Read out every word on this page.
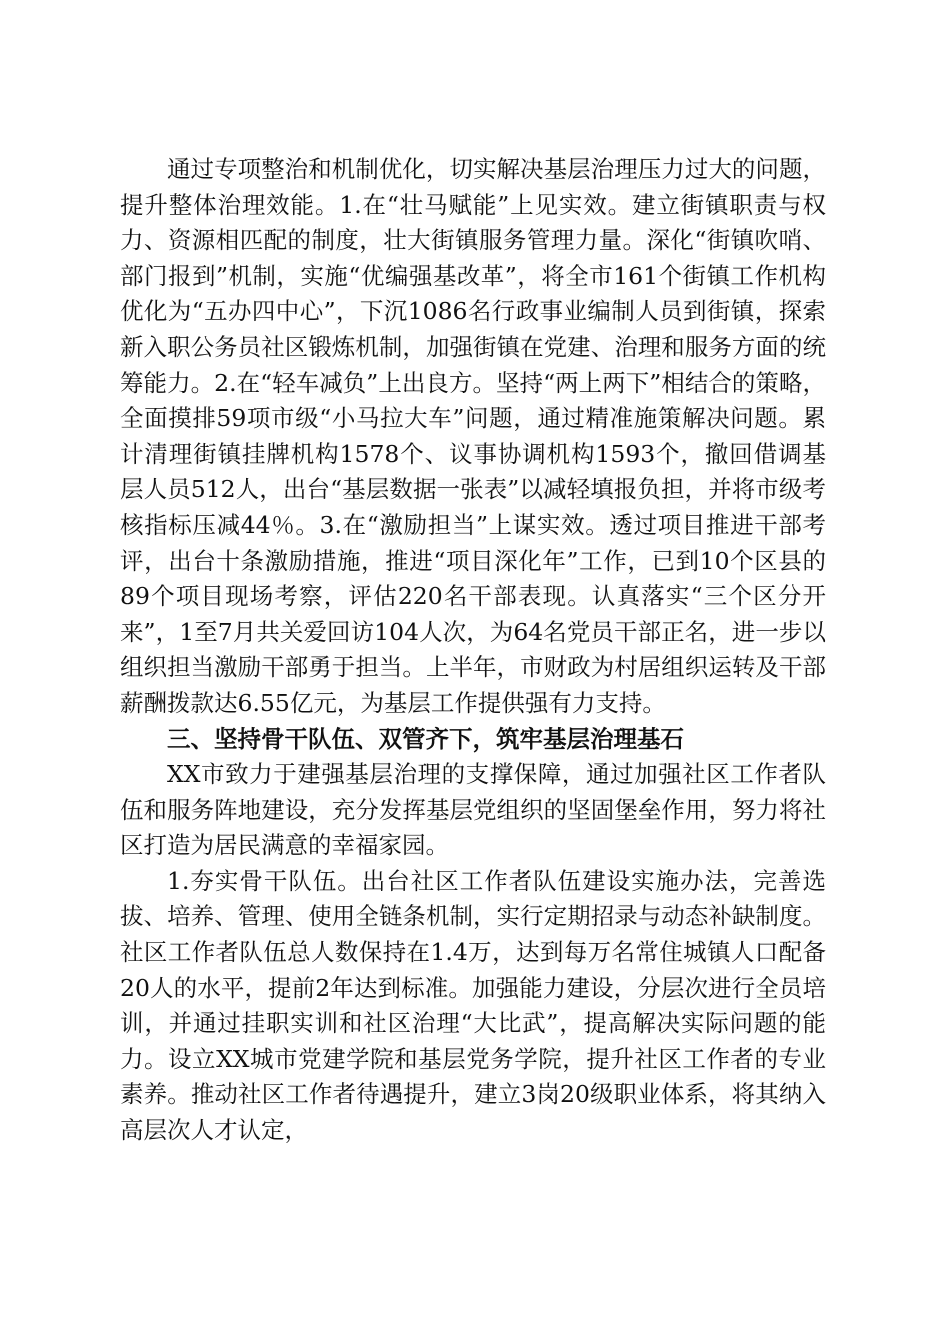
通过专项整治和机制优化，切实解决基层治理压力过大的问题，提升整体治理效能。1.在“壮马赋能”上见实效。建立街镇职责与权力、资源相匹配的制度，壮大街镇服务管理力量。深化“街镇吹哨、部门报到”机制，实施“优编强基改革”，将全市161个街镇工作机构优化为“五办四中心”，下沉1086名行政事业编制人员到街镇，探索新入职公务员社区锻炼机制，加强街镇在党建、治理和服务方面的统筹能力。2.在“轻车减负”上出良方。坚持“两上两下”相结合的策略，全面摸排59项市级“小马拉大车”问题，通过精准施策解决问题。累计清理街镇挂牌机构1578个、议事协调机构1593个，撤回借调基层人员512人，出台“基层数据一张表”以减轻填报负担，并将市级考核指标压减44％。3.在“激励担当”上谋实效。透过项目推进干部考评，出台十条激励措施，推进“项目深化年”工作，已到10个区县的89个项目现场考察，评估220名干部表现。认真落实“三个区分开来”，1至7月共关爱回访104人次，为64名党员干部正名，进一步以组织担当激励干部勇于担当。上半年，市财政为村居组织运转及干部薪酬拨款达6.55亿元，为基层工作提供强有力支持。

三、坚持骨干队伍、双管齐下，筑牢基层治理基石

XX市致力于建强基层治理的支撑保障，通过加强社区工作者队伍和服务阵地建设，充分发挥基层党组织的坚固堡垒作用，努力将社区打造为居民满意的幸福家园。

1.夯实骨干队伍。出台社区工作者队伍建设实施办法，完善选拔、培养、管理、使用全链条机制，实行定期招录与动态补缺制度。社区工作者队伍总人数保持在1.4万，达到每万名常住城镇人口配备20人的水平，提前2年达到标准。加强能力建设，分层次进行全员培训，并通过挂职实训和社区治理“大比武”，提高解决实际问题的能力。设立XX城市党建学院和基层党务学院，提升社区工作者的专业素养。推动社区工作者待遇提升，建立3岗20级职业体系，将其纳入高层次人才认定，
